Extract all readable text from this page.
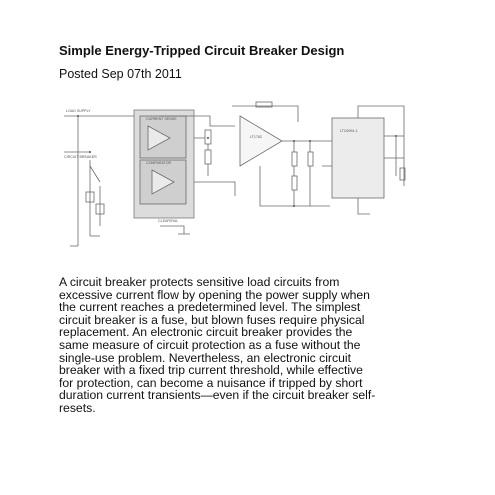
Simple Energy-Tripped Circuit Breaker Design
Posted Sep 07th 2011
LOAD SUPPLY
CIRCUIT BREAKER
CURRENT SENSE
COMPARATOR
LT1782
LTC6991-1
CLEAR/FAIL

A circuit breaker protects sensitive load circuits from
excessive current flow by opening the power supply when
the current reaches a predetermined level. The simplest
circuit breaker is a fuse, but blown fuses require physical
replacement. An electronic circuit breaker provides the
same measure of circuit protection as a fuse without the
single-use problem. Nevertheless, an electronic circuit
breaker with a fixed trip current threshold, while effective
for protection, can become a nuisance if tripped by short
duration current transients—even if the circuit breaker self-
resets.
